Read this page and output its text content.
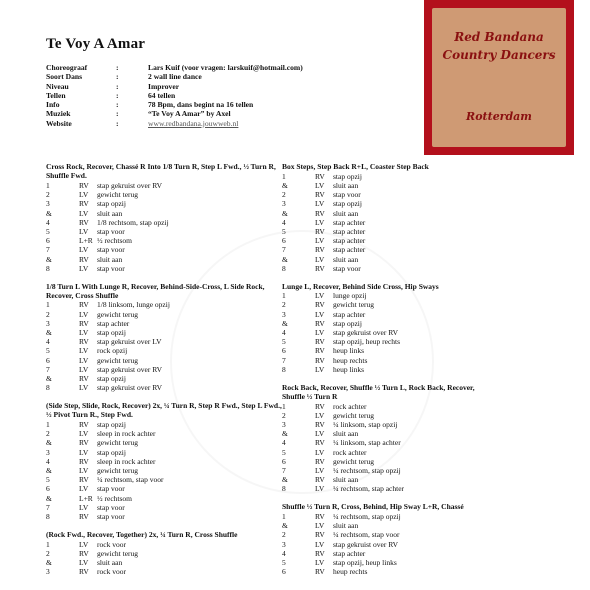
Te Voy A Amar
Choreograaf	:	Lars Kuif (voor vragen: larskuif@hotmail.com)
Soort Dans	:	2 wall line dance
Niveau	:	Improver
Tellen	:	64 tellen
Info	:	78 Bpm, dans begint na 16 tellen
Muziek	:	“Te Voy A Amar” by Axel
Website	:	www.redbandana.jouwweb.nl
Red Bandana
Country Dancers
Rotterdam
Cross Rock, Recover, Chassé R Into 1/8 Turn R, Step L Fwd., ½ Turn R, Shuffle Fwd.
1	RV	stap gekruist over RV
2	LV	gewicht terug
3	RV	stap opzij
&	LV	sluit aan
4	RV	1/8 rechtsom, stap opzij
5	LV	stap voor
6	L+R ½ rechtsom
7	LV	stap voor
&	RV	sluit aan
8	LV	stap voor
1/8 Turn L With Lunge R, Recover, Behind-Side-Cross, L Side Rock, Recover, Cross Shuffle
1	RV	1/8 linksom, lunge opzij
2	LV	gewicht terug
3	RV	stap achter
&	LV	stap opzij
4	RV	stap gekruist over LV
5	LV	rock opzij
6	LV	gewicht terug
7	LV	stap gekruist over RV
&	RV	stap opzij
8	LV	stap gekruist over RV
(Side Step, Slide, Rock, Recover) 2x, ¼ Turn R, Step R Fwd., Step L Fwd., ½ Pivot Turn R., Step Fwd.
1	RV	stap opzij
2	LV	sleep in rock achter
&	RV	gewicht terug
3	LV	stap opzij
4	RV	sleep in rock achter
&	LV	gewicht terug
5	RV	¼ rechtsom, stap voor
6	LV	stap voor
&	L+R ½ rechtsom
7	LV	stap voor
8	RV	stap voor
(Rock Fwd., Recover, Together) 2x, ¼ Turn R, Cross Shuffle
1	LV	rock voor
2	RV	gewicht terug
&	LV	sluit aan
3	RV	rock voor
Box Steps, Step Back R+L, Coaster Step Back
1	RV	stap opzij
&	LV	sluit aan
2	RV	stap voor
3	LV	stap opzij
&	RV	sluit aan
4	LV	stap achter
5	RV	stap achter
6	LV	stap achter
7	RV	stap achter
&	LV	sluit aan
8	RV	stap voor
Lunge L, Recover, Behind Side Cross, Hip Sways
1	LV	lunge opzij
2	RV	gewicht terug
3	LV	stap achter
&	RV	stap opzij
4	LV	stap gekruist over RV
5	RV	stap opzij, heup rechts
6	RV	heup links
7	RV	heup rechts
8	LV	heup links
Rock Back, Recover, Shuffle ½ Turn L, Rock Back, Recover, Shuffle ½ Turn R
1	RV	rock achter
2	LV	gewicht terug
3	RV	¼ linksom, stap opzij
&	LV	sluit aan
4	RV	¼ linksom, stap achter
5	LV	rock achter
6	RV	gewicht terug
7	LV	¼ rechtsom, stap opzij
&	RV	sluit aan
8	LV	¼ rechtsom, stap achter
Shuffle ½ Turn R, Cross, Behind, Hip Sway L+R, Chassé
1	RV	¼ rechtsom, stap opzij
&	LV	sluit aan
2	RV	¼ rechtsom, stap voor
3	LV	stap gekruist over RV
4	RV	stap achter
5	LV	stap opzij, heup links
6	RV	heup rechts
